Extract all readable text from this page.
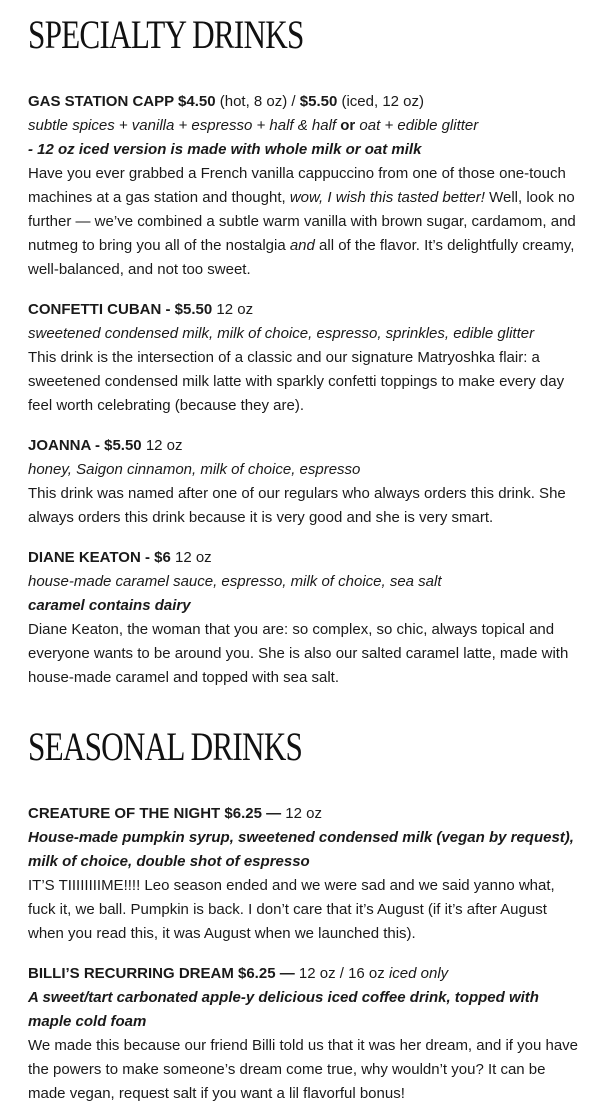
SPECIALTY DRINKS
GAS STATION CAPP $4.50 (hot, 8 oz) / $5.50 (iced, 12 oz)
subtle spices + vanilla + espresso + half & half or oat + edible glitter
- 12 oz iced version is made with whole milk or oat milk
Have you ever grabbed a French vanilla cappuccino from one of those one-touch machines at a gas station and thought, wow, I wish this tasted better! Well, look no further — we’ve combined a subtle warm vanilla with brown sugar, cardamom, and nutmeg to bring you all of the nostalgia and all of the flavor. It’s delightfully creamy, well-balanced, and not too sweet.
CONFETTI CUBAN - $5.50 12 oz
sweetened condensed milk, milk of choice, espresso, sprinkles, edible glitter
This drink is the intersection of a classic and our signature Matryoshka flair: a sweetened condensed milk latte with sparkly confetti toppings to make every day feel worth celebrating (because they are).
JOANNA - $5.50 12 oz
honey, Saigon cinnamon, milk of choice, espresso
This drink was named after one of our regulars who always orders this drink. She always orders this drink because it is very good and she is very smart.
DIANE KEATON - $6 12 oz
house-made caramel sauce, espresso, milk of choice, sea salt
caramel contains dairy
Diane Keaton, the woman that you are: so complex, so chic, always topical and everyone wants to be around you. She is also our salted caramel latte, made with house-made caramel and topped with sea salt.
SEASONAL DRINKS
CREATURE OF THE NIGHT $6.25 — 12 oz
House-made pumpkin syrup, sweetened condensed milk (vegan by request), milk of choice, double shot of espresso
IT’S TIIIIIIIIME!!!! Leo season ended and we were sad and we said yanno what, fuck it, we ball. Pumpkin is back. I don’t care that it’s August (if it’s after August when you read this, it was August when we launched this).
BILLI’S RECURRING DREAM $6.25 — 12 oz / 16 oz iced only
A sweet/tart carbonated apple-y delicious iced coffee drink, topped with maple cold foam
We made this because our friend Billi told us that it was her dream, and if you have the powers to make someone’s dream come true, why wouldn’t you? It can be made vegan, request salt if you want a lil flavorful bonus!
